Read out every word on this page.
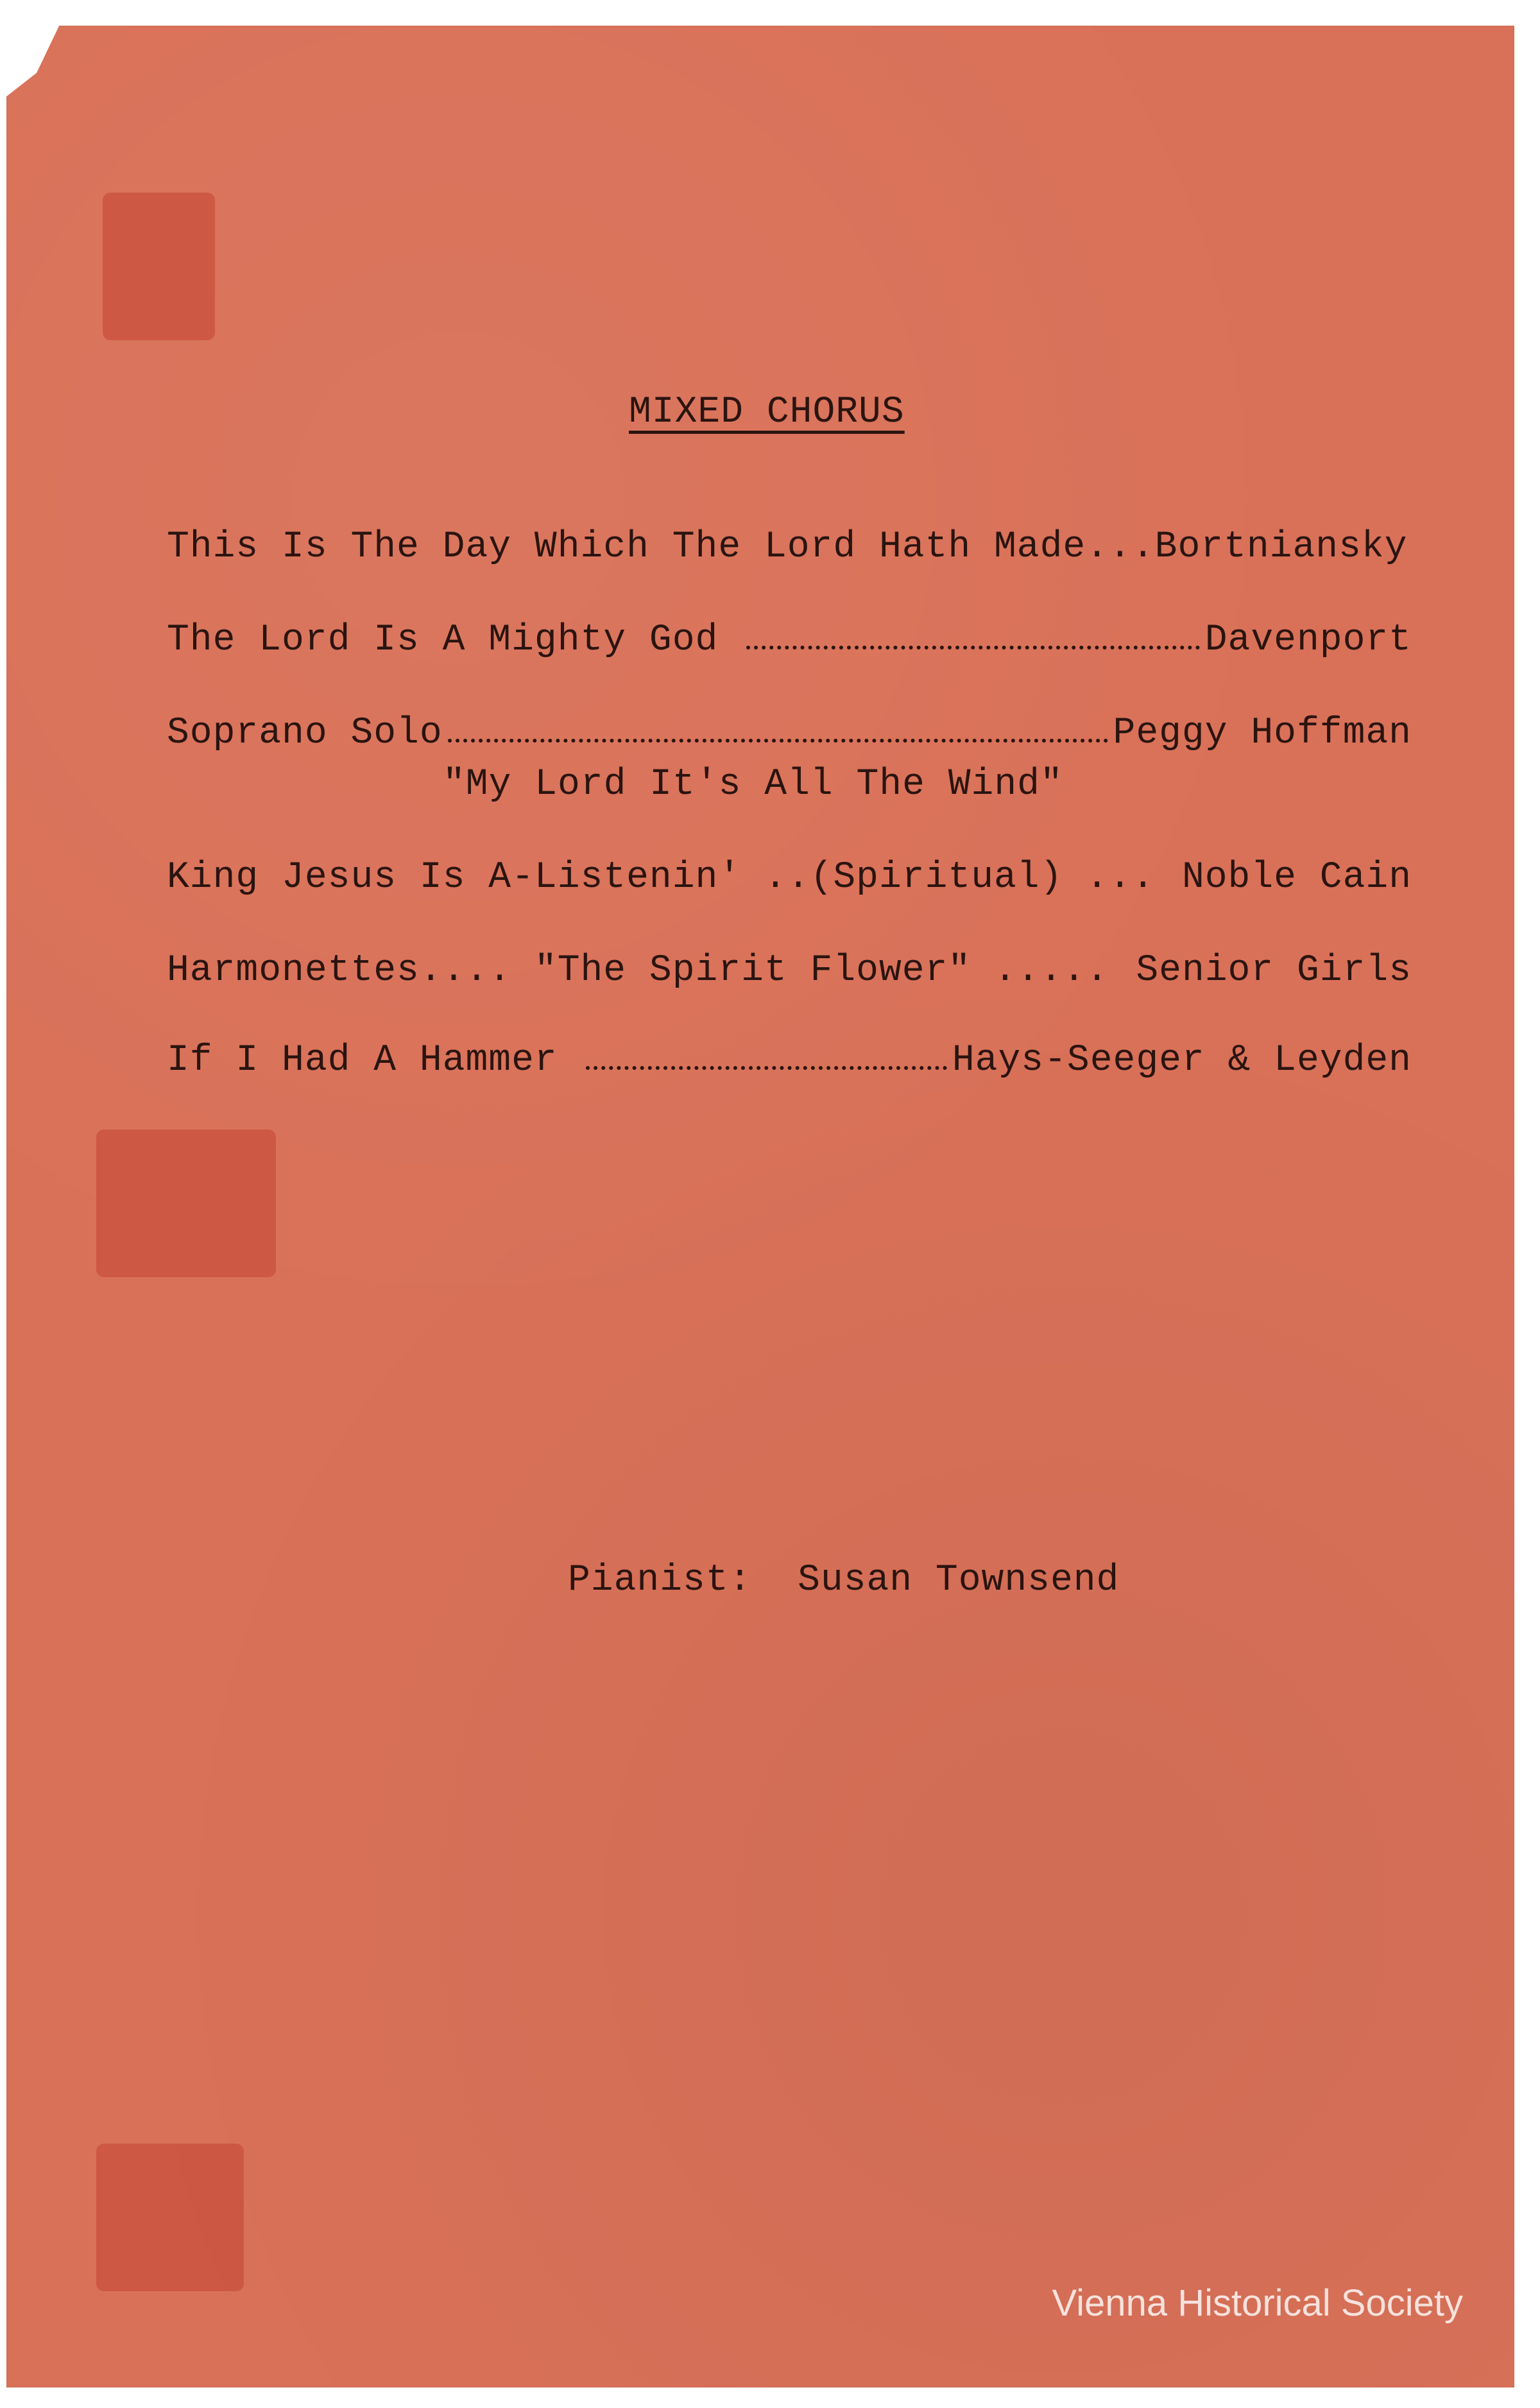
MIXED CHORUS
This Is The Day Which The Lord Hath Made... Bortniansky
The Lord Is A Mighty God	Davenport
Soprano Solo	Peggy Hoffman
"My Lord It's All The Wind"
King Jesus Is A-Listenin' ..(Spiritual) ... Noble Cain
Harmonettes.... "The Spirit Flower" ..... Senior Girls
If I Had A Hammer	Hays-Seeger & Leyden
Pianist: Susan Townsend
Vienna Historical Society
